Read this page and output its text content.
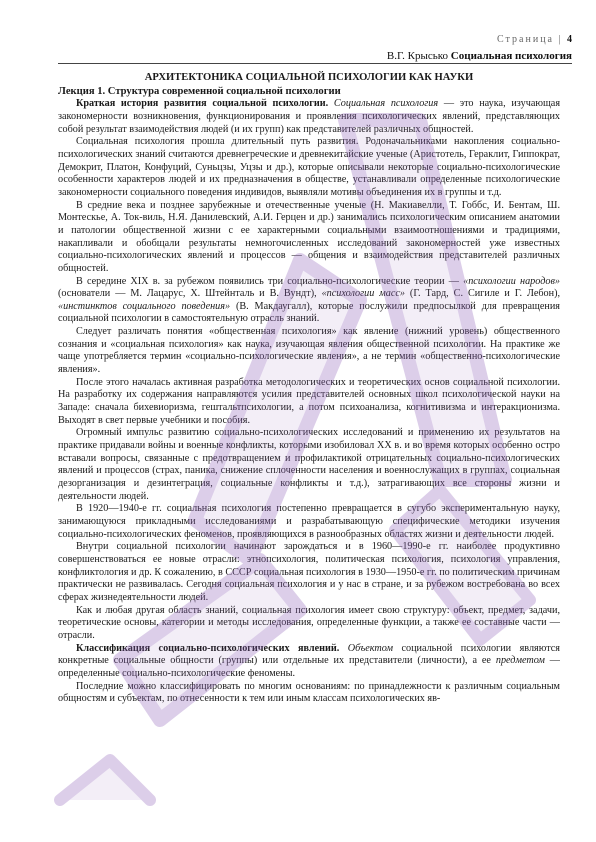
Страница | 4
В.Г. Крысько Социальная психология
АРХИТЕКТОНИКА СОЦИАЛЬНОЙ ПСИХОЛОГИИ КАК НАУКИ
Лекция 1. Структура современной социальной психологии

Краткая история развития социальной психологии. Социальная психология — это наука, изучающая закономерности возникновения, функционирования и проявления психологических явлений, представляющих собой результат взаимодействия людей (и их групп) как представителей различных общностей.

Социальная психология прошла длительный путь развития. Родоначальниками накопления социально-психологических знаний считаются древнегреческие и древнекитайские ученые (Аристотель, Гераклит, Гиппократ, Демокрит, Платон, Конфуций, Суньцзы, Уцзы и др.), которые описывали некоторые социально-психологические особенности характеров людей и их предназначения в обществе, устанавливали определенные психологические закономерности социального поведения индивидов, выявляли мотивы объединения их в группы и т.д.

В средние века и позднее зарубежные и отечественные ученые (Н. Макиавелли, Т. Гоббс, И. Бентам, Ш. Монтескье, А. Ток-виль, Н.Я. Данилевский, А.И. Герцен и др.) занимались психологическим описанием анатомии и патологии общественной жизни с ее характерными социальными взаимоотношениями и традициями, накапливали и обобщали результаты немногочисленных исследований закономерностей уже известных социально-психологических явлений и процессов — общения и взаимодействия представителей различных общностей.

В середине XIX в. за рубежом появились три социально-психологические теории — «психологии народов» (основатели — М. Лацарус, Х. Штейнталь и В. Вундт), «психологии масс» (Г. Тард, С. Сигиле и Г. Лебон), «инстинктов социального поведения» (В. Макдаугалл), которые послужили предпосылкой для превращения социальной психологии в самостоятельную отрасль знаний.

Следует различать понятия «общественная психология» как явление (нижний уровень) общественного сознания и «социальная психология» как наука, изучающая явления общественной психологии. На практике же чаще употребляется термин «социально-психологические явления», а не термин «общественно-психологические явления».

После этого началась активная разработка методологических и теоретических основ социальной психологии. На разработку их содержания направляются усилия представителей основных школ психологической науки на Западе: сначала бихевиоризма, гештальтпсихологии, а потом психоанализа, когнитивизма и интеракционизма. Выходят в свет первые учебники и пособия.

Огромный импульс развитию социально-психологических исследований и применению их результатов на практике придавали войны и военные конфликты, которыми изобиловал XX в. и во время которых особенно остро вставали вопросы, связанные с предотвращением и профилактикой отрицательных социально-психологических явлений и процессов (страх, паника, снижение сплоченности населения и военнослужащих в группах, социальная дезорганизация и дезинтеграция, социальные конфликты и т.д.), затрагивающих все стороны жизни и деятельности людей.

В 1920—1940-е гг. социальная психология постепенно превращается в сугубо экспериментальную науку, занимающуюся прикладными исследованиями и разрабатывающую специфические методики изучения социально-психологических феноменов, проявляющихся в разнообразных областях жизни и деятельности людей.

Внутри социальной психологии начинают зарождаться и в 1960—1990-е гг. наиболее продуктивно совершенствоваться ее новые отрасли: этнопсихология, политическая психология, психология управления, конфликтология и др. К сожалению, в СССР социальная психология в 1930—1950-е гг. по политическим причинам практически не развивалась. Сегодня социальная психология и у нас в стране, и за рубежом востребована во всех сферах жизнедеятельности людей.

Как и любая другая область знаний, социальная психология имеет свою структуру: объект, предмет, задачи, теоретические основы, категории и методы исследования, определенные функции, а также ее составные части — отрасли.

Классификация социально-психологических явлений. Объектом социальной психологии являются конкретные социальные общности (группы) или отдельные их представители (личности), а ее предметом — определенные социально-психологические феномены.

Последние можно классифицировать по многим основаниям: по принадлежности к различным социальным общностям и субъектам, по отнесенности к тем или иным классам психологических яв-
